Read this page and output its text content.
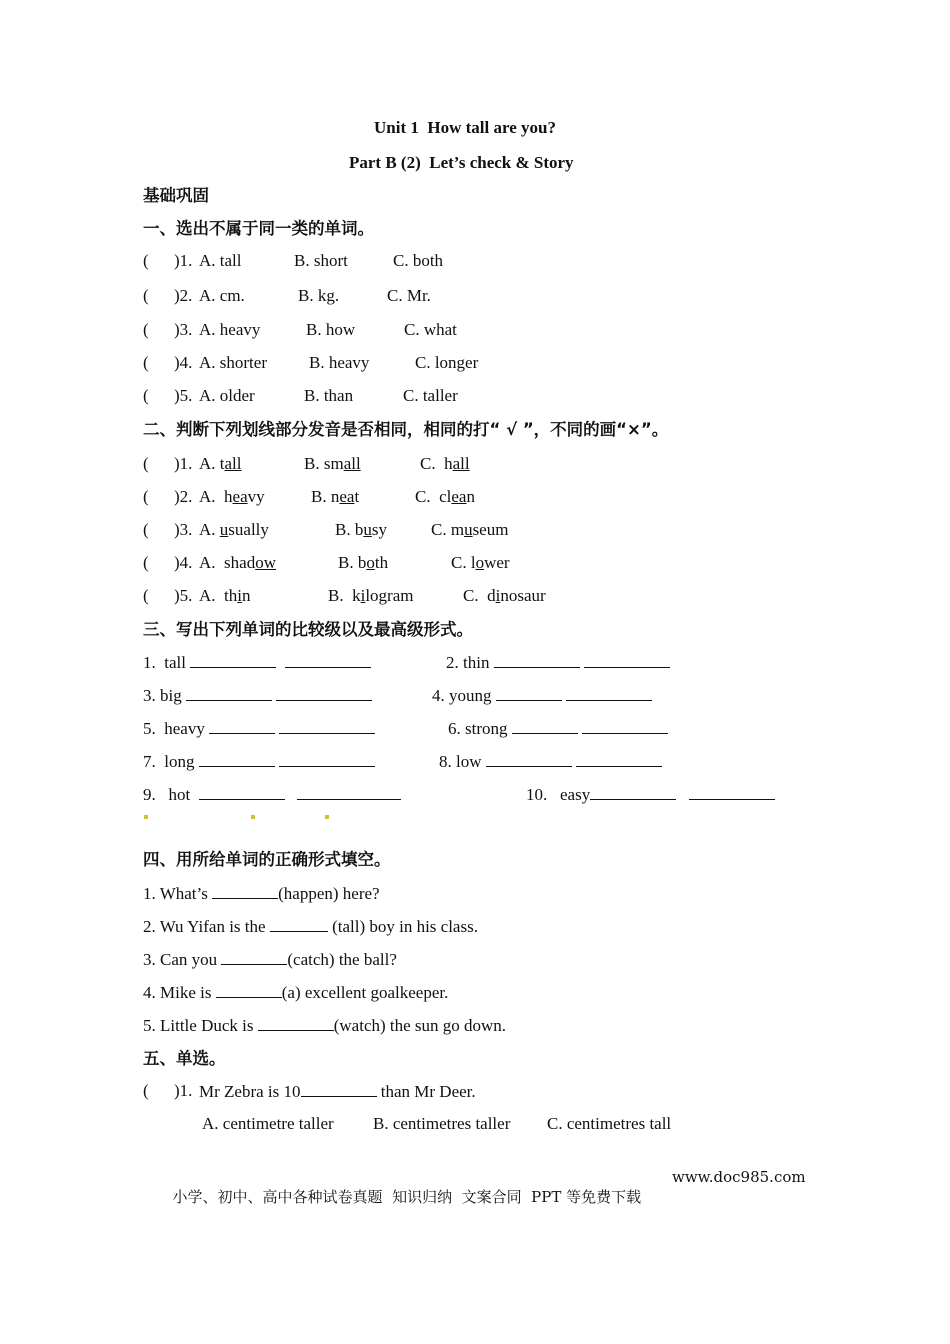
Unit 1  How tall are you?
Part B (2)  Let’s check & Story
基础巩固
一、选出不属于同一类的单词。
( )1. A. tall	B. short	C. both
( )2. A. cm.	B. kg.	C. Mr.
( )3. A. heavy	B. how	C. what
( )4. A. shorter B. heavy	C. longer
( )5. A. older	B. than	C. taller
二、判断下列划线部分发音是否相同，相同的打“ √ ”，不同的画“×”。
( )1. A. tall	B. small	C.  hall
( )2. A.  heavy	B. neat	C.  clean
( )3. A. usually	B. busy	C. museum
( )4. A.  shadow	B. both	C. lower
( )5. A.  thin	B.  kilogram	C.  dinosaur
三、写出下列单词的比较级以及最高级形式。
1.  tall	2. thin
3. big	4. young
5.  heavy	6. strong
7.  long	8. low
9.   hot	10.   easy
四、用所给单词的正确形式填空。
1. What’s	(happen) here?
2. Wu Yifan is the	(tall) boy in his class.
3. Can you	(catch) the ball?
4. Mike is	(a) excellent goalkeeper.
5. Little Duck is	(watch) the sun go down.
五、单选。
( )1. Mr Zebra is 10	than Mr Deer.
A. centimetre taller B. centimetres taller C. centimetres tall

小学、初中、高中各种试卷真题  知识归纳  文案合同  PPT 等免费下载

www.doc985.com
